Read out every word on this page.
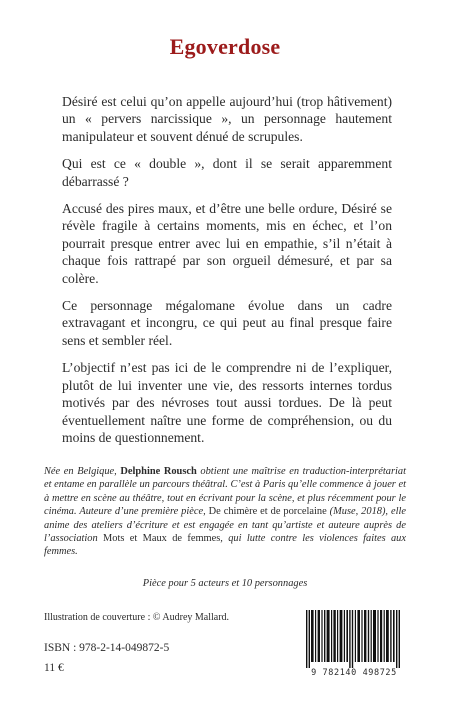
Egoverdose

Désiré est celui qu’on appelle aujourd’hui (trop hâtivement) un « pervers narcissique », un personnage hautement manipulateur et souvent dénué de scrupules.

Qui est ce « double », dont il se serait apparemment débarrassé ?

Accusé des pires maux, et d’être une belle ordure, Désiré se révèle fragile à certains moments, mis en échec, et l’on pourrait presque entrer avec lui en empathie, s’il n’était à chaque fois rattrapé par son orgueil démesuré, et par sa colère.

Ce personnage mégalomane évolue dans un cadre extravagant et incongru, ce qui peut au final presque faire sens et sembler réel.

L’objectif n’est pas ici de le comprendre ni de l’expliquer, plutôt de lui inventer une vie, des ressorts internes tordus motivés par des névroses tout aussi tordues. De là peut éventuellement naître une forme de compréhension, ou du moins de questionnement.

Née en Belgique, Delphine Rousch obtient une maîtrise en traduction-interprétariat et entame en parallèle un parcours théâtral. C’est à Paris qu’elle commence à jouer et à mettre en scène au théâtre, tout en écrivant pour la scène, et plus récemment pour le cinéma. Auteure d’une première pièce, De chimère et de porcelaine (Muse, 2018), elle anime des ateliers d’écriture et est engagée en tant qu’artiste et auteure auprès de l’association Mots et Maux de femmes, qui lutte contre les violences faites aux femmes.
Pièce pour 5 acteurs et 10 personnages
Illustration de couverture : © Audrey Mallard.
ISBN : 978-2-14-049872-5
11 €	9 782140 498725
